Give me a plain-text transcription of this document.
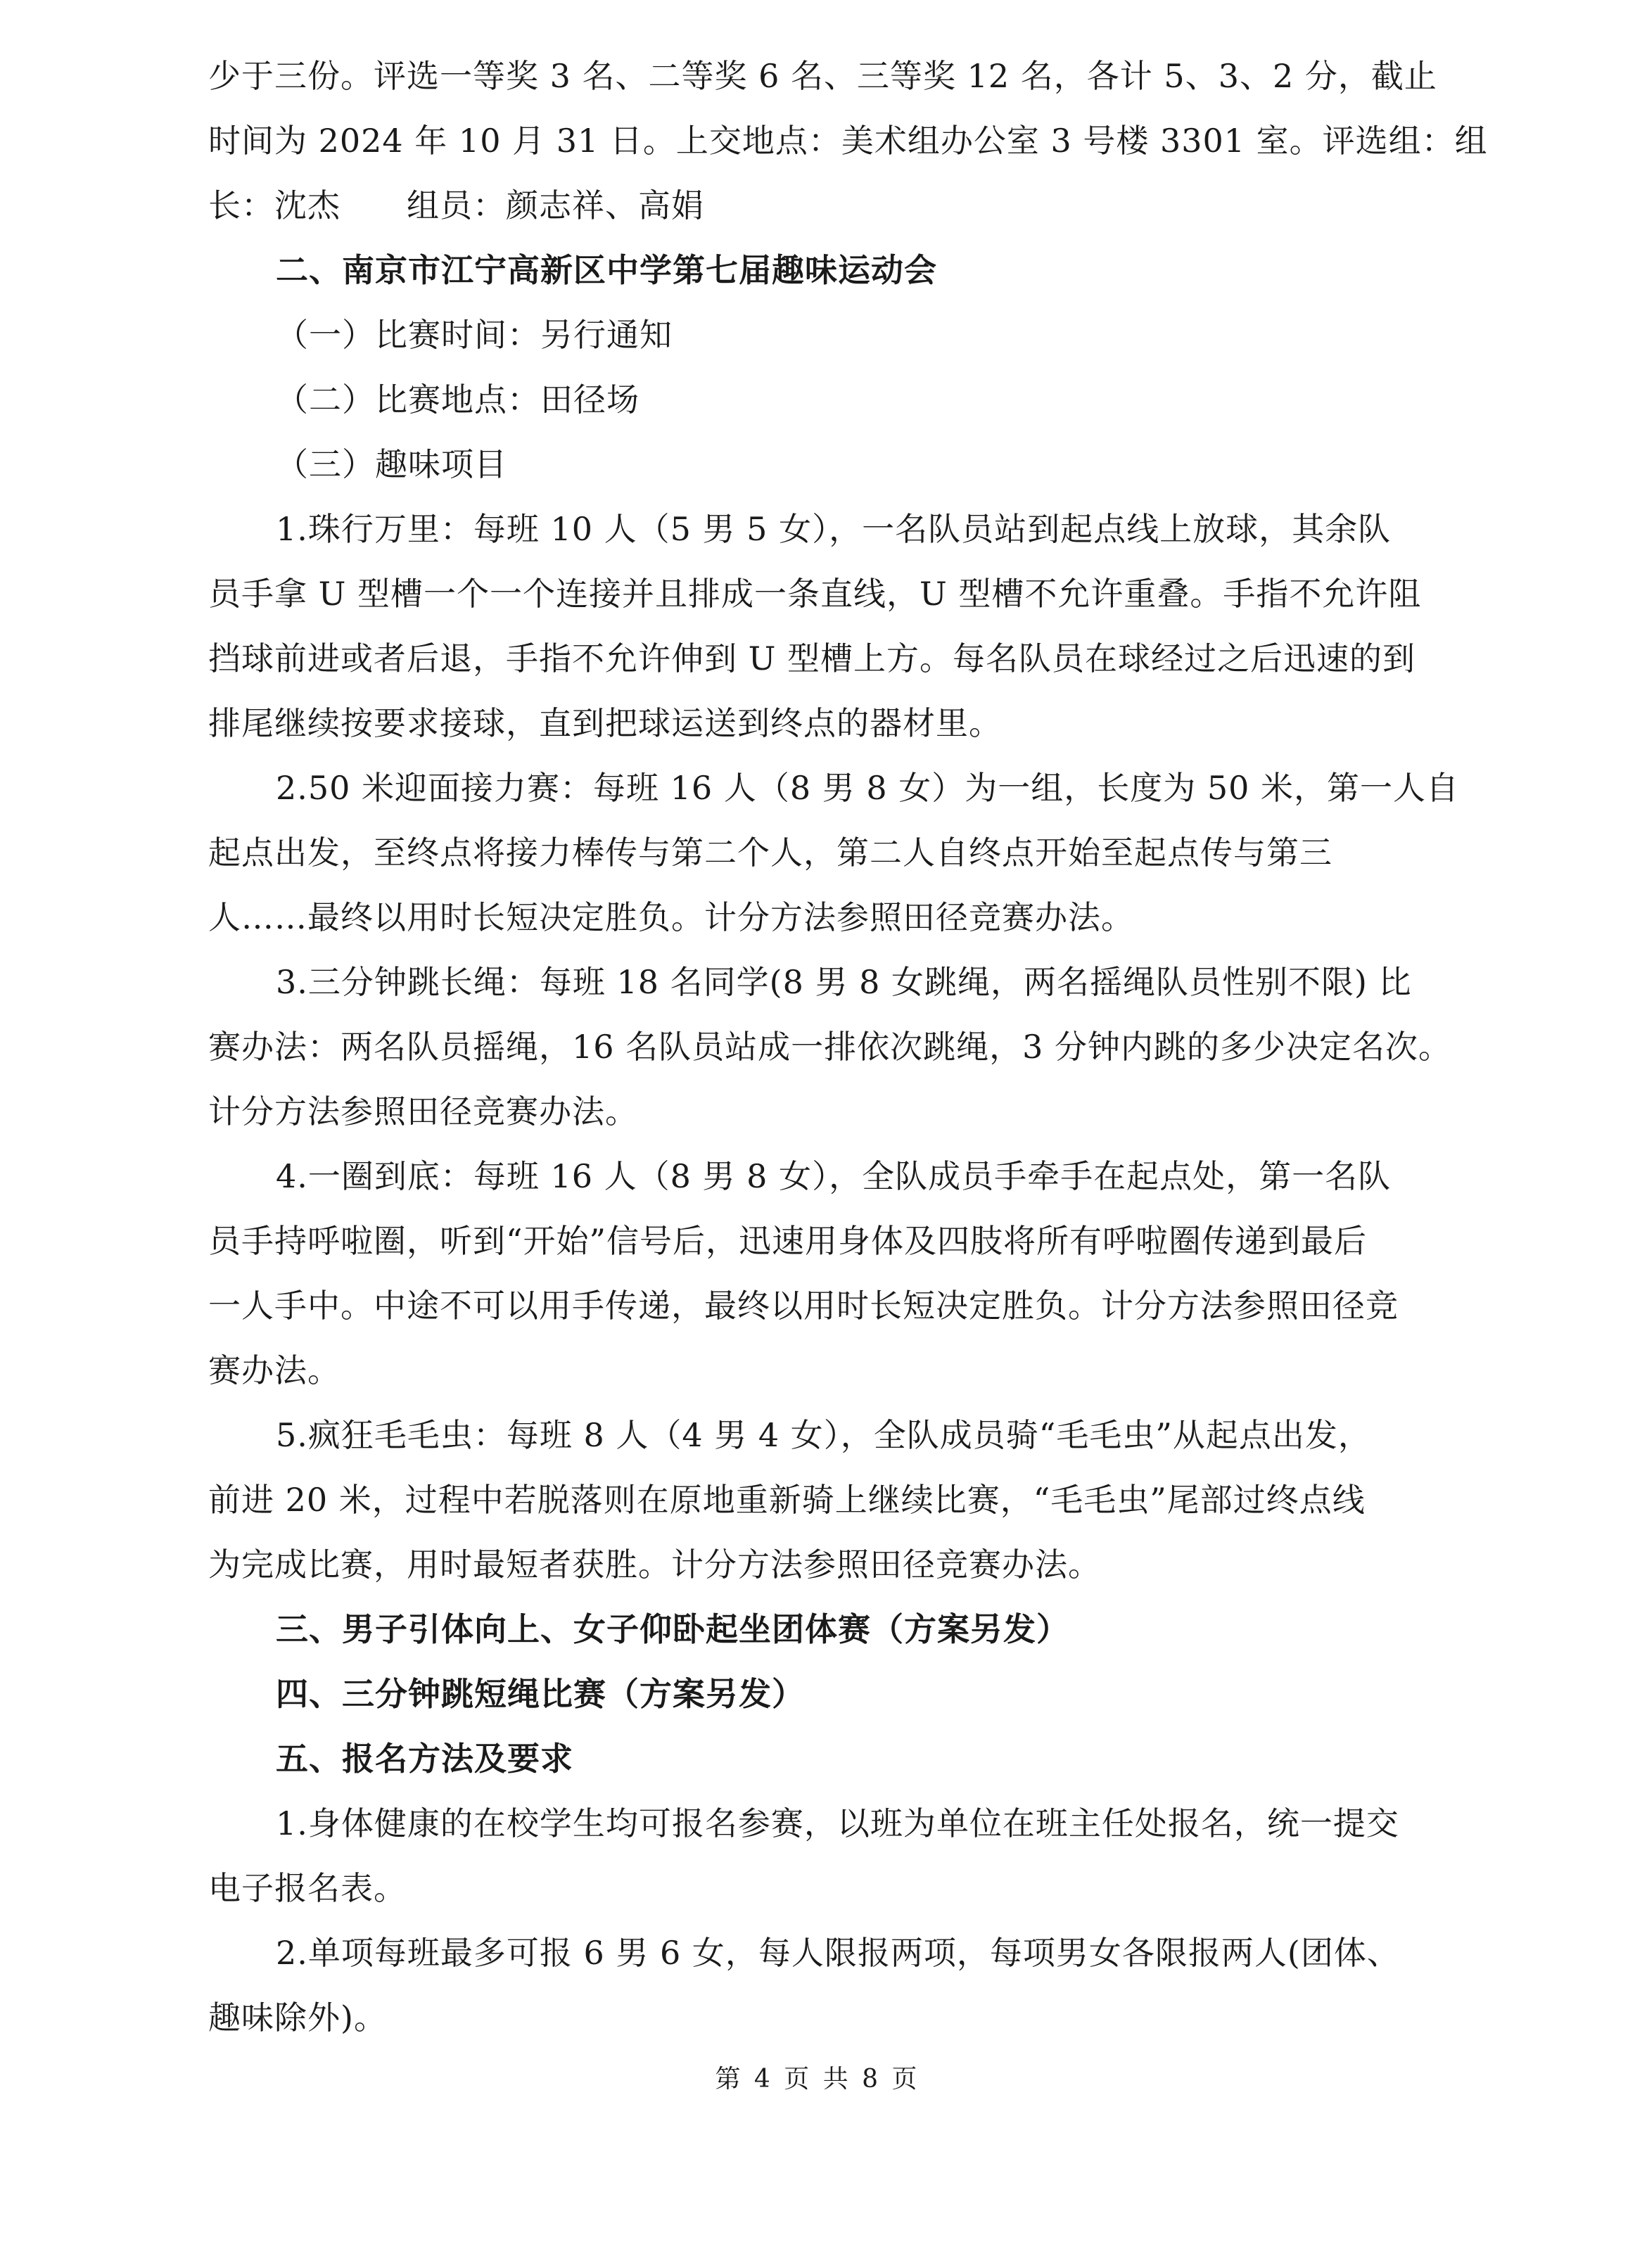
少于三份。评选一等奖 3 名、二等奖 6 名、三等奖 12 名，各计 5、3、2 分，截止
时间为 2024 年 10 月 31 日。上交地点：美术组办公室 3 号楼 3301 室。评选组：组
长：沈杰　　组员：颜志祥、高娟
二、南京市江宁高新区中学第七届趣味运动会
（一）比赛时间：另行通知
（二）比赛地点：田径场
（三）趣味项目
1.珠行万里：每班 10 人（5 男 5 女），一名队员站到起点线上放球，其余队
员手拿 U 型槽一个一个连接并且排成一条直线，U 型槽不允许重叠。手指不允许阻
挡球前进或者后退，手指不允许伸到 U 型槽上方。每名队员在球经过之后迅速的到
排尾继续按要求接球，直到把球运送到终点的器材里。
2.50 米迎面接力赛：每班 16 人（8 男 8 女）为一组，长度为 50 米，第一人自
起点出发，至终点将接力棒传与第二个人，第二人自终点开始至起点传与第三
人……最终以用时长短决定胜负。计分方法参照田径竞赛办法。
3.三分钟跳长绳：每班 18 名同学(8 男 8 女跳绳，两名摇绳队员性别不限) 比
赛办法：两名队员摇绳，16 名队员站成一排依次跳绳，3 分钟内跳的多少决定名次。
计分方法参照田径竞赛办法。
4.一圈到底：每班 16 人（8 男 8 女），全队成员手牵手在起点处，第一名队
员手持呼啦圈，听到“开始”信号后，迅速用身体及四肢将所有呼啦圈传递到最后
一人手中。中途不可以用手传递，最终以用时长短决定胜负。计分方法参照田径竞
赛办法。
5.疯狂毛毛虫：每班 8 人（4 男 4 女），全队成员骑“毛毛虫”从起点出发，
前进 20 米，过程中若脱落则在原地重新骑上继续比赛，“毛毛虫”尾部过终点线
为完成比赛，用时最短者获胜。计分方法参照田径竞赛办法。
三、男子引体向上、女子仰卧起坐团体赛（方案另发）
四、三分钟跳短绳比赛（方案另发）
五、报名方法及要求
1.身体健康的在校学生均可报名参赛，以班为单位在班主任处报名，统一提交
电子报名表。
2.单项每班最多可报 6 男 6 女，每人限报两项，每项男女各限报两人(团体、
趣味除外)。
第 4 页 共 8 页
